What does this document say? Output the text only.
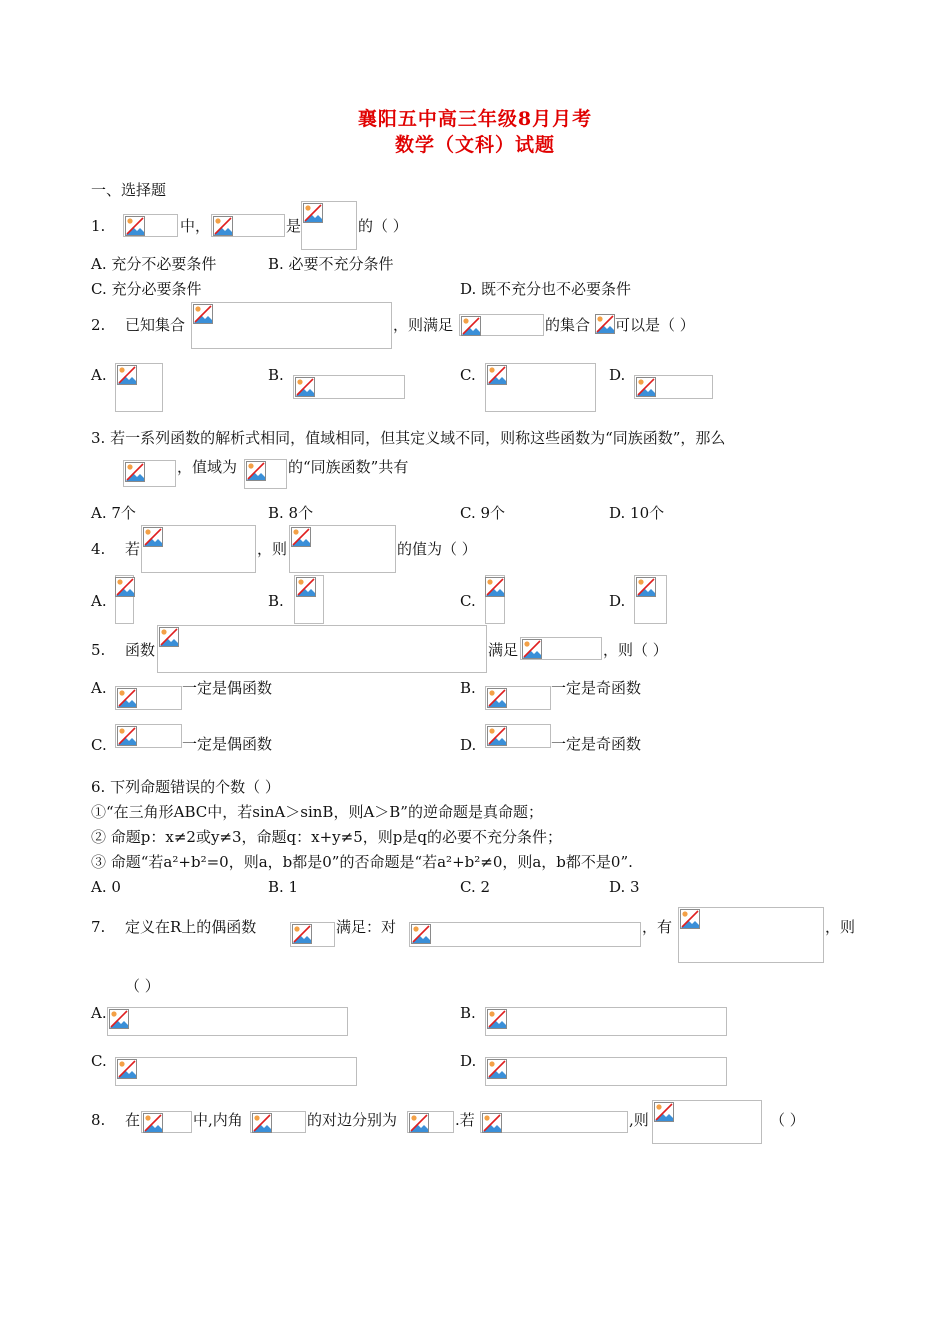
襄阳五中高三年级8月月考
数学（文科）试题
一、选择题
1.	中，	是	的（ ）
A. 充分不必要条件	B. 必要不充分条件
C. 充分必要条件	D. 既不充分也不必要条件
2. 已知集合	，则满足	的集合 可以是（ ）
A.	B.	C.	D.
3. 若一系列函数的解析式相同，值域相同，但其定义域不同，则称这些函数为“同族函数”，那么
，值域为	的“同族函数”共有
A. 7个	B. 8个	C. 9个	D. 10个
4. 若	，则	的值为（ ）
A.	B.	C.	D.
5. 函数	满足	，则（ ）
A.	一定是偶函数	B.	一定是奇函数
C.	一定是偶函数	D.	一定是奇函数
6. 下列命题错误的个数（ ）
①“在三角形ABC中，若sinA＞sinB，则A＞B”的逆命题是真命题；
② 命题p：x≠2或y≠3，命题q：x+y≠5，则p是q的必要不充分条件；
③ 命题“若a²+b²=0，则a，b都是0”的否命题是“若a²+b²≠0，则a，b都不是0”.
A. 0	B. 1	C. 2	D. 3
7. 定义在R上的偶函数	满足：对	，有	，则
（ ）
A.	B.
C.	D.
8. 在	中,内角	的对边分别为	.若	,则	（ ）
